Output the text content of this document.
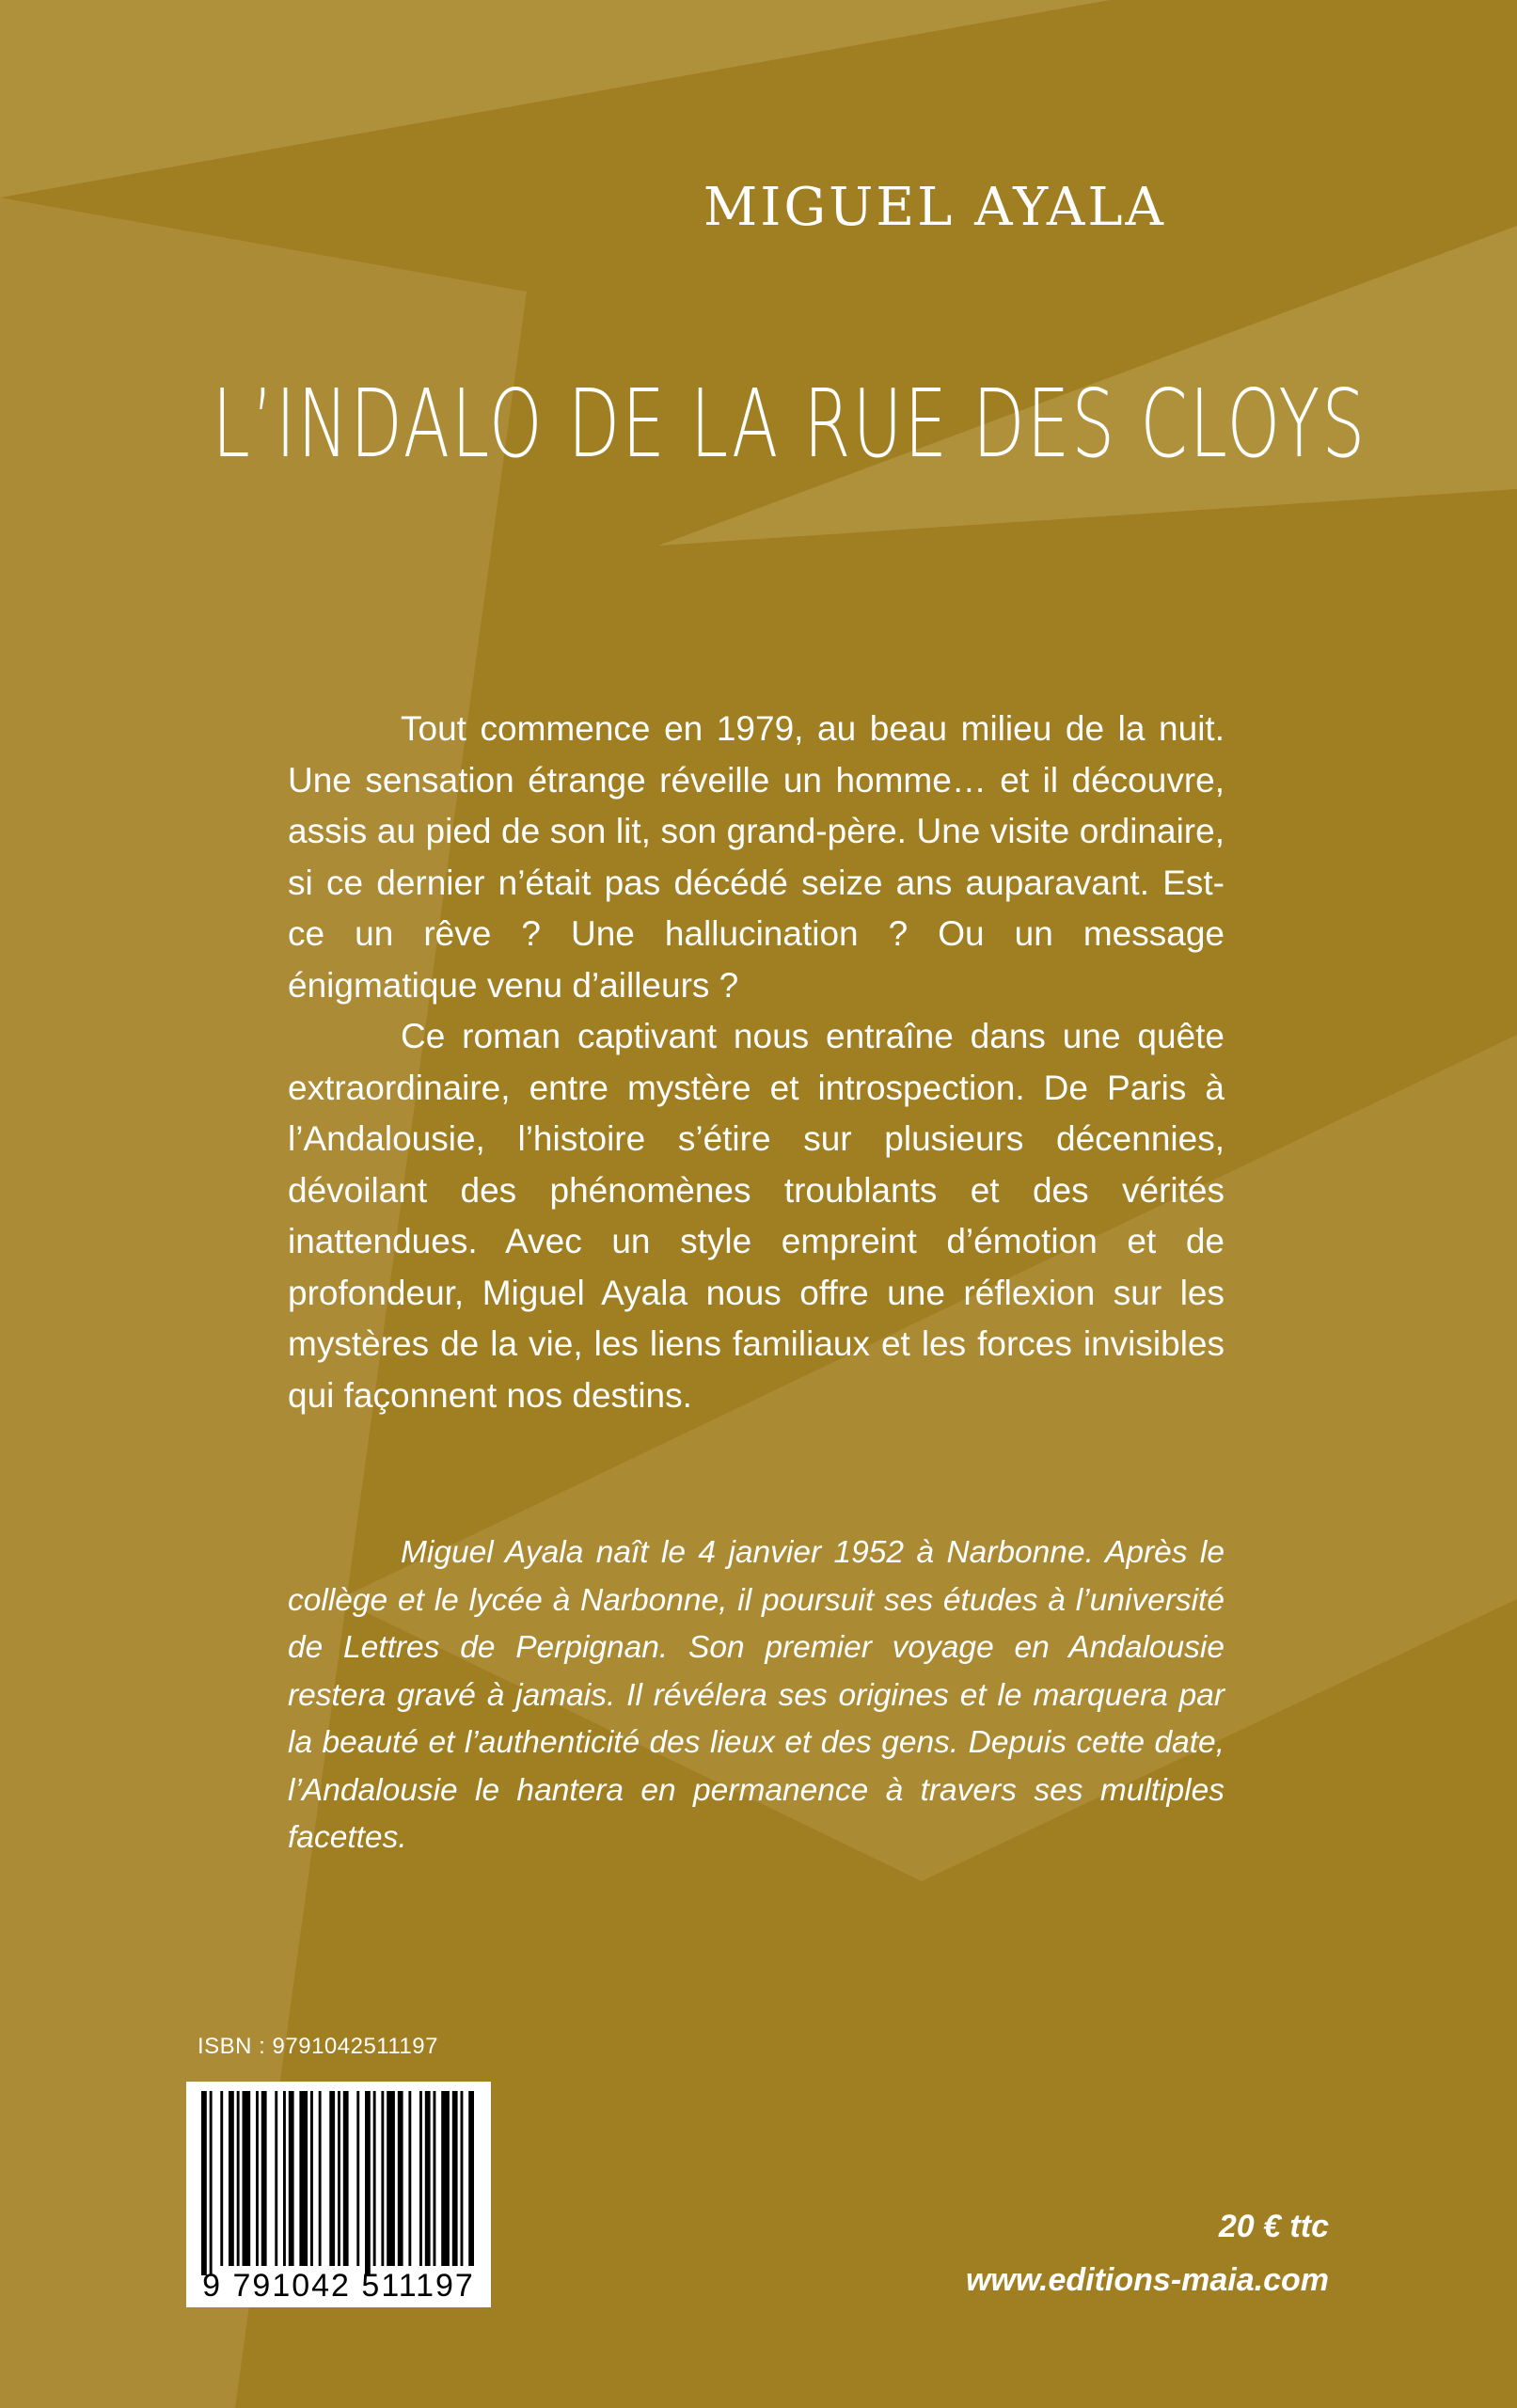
MIGUEL AYALA
L’INDALO DE LA RUE DES CLOYS

Tout commence en 1979, au beau milieu de la nuit. Une sensation étrange réveille un homme… et il découvre, assis au pied de son lit, son grand-père. Une visite ordinaire, si ce dernier n’était pas décédé seize ans auparavant. Est-ce un rêve ? Une hallucination ? Ou un message énigmatique venu d’ailleurs ?

Ce roman captivant nous entraîne dans une quête extraordinaire, entre mystère et introspection. De Paris à l’Andalousie, l’histoire s’étire sur plusieurs décennies, dévoilant des phénomènes troublants et des vérités inattendues. Avec un style empreint d’émotion et de profondeur, Miguel Ayala nous offre une réflexion sur les mystères de la vie, les liens familiaux et les forces invisibles qui façonnent nos destins.

Miguel Ayala naît le 4 janvier 1952 à Narbonne. Après le collège et le lycée à Narbonne, il poursuit ses études à l’université de Lettres de Perpignan. Son premier voyage en Andalousie restera gravé à jamais. Il révélera ses origines et le marquera par la beauté et l’authenticité des lieux et des gens. Depuis cette date, l’Andalousie le hantera en permanence à travers ses multiples facettes.

ISBN : 9791042511197
9 791042 511197
20 € ttc
www.editions-maia.com
